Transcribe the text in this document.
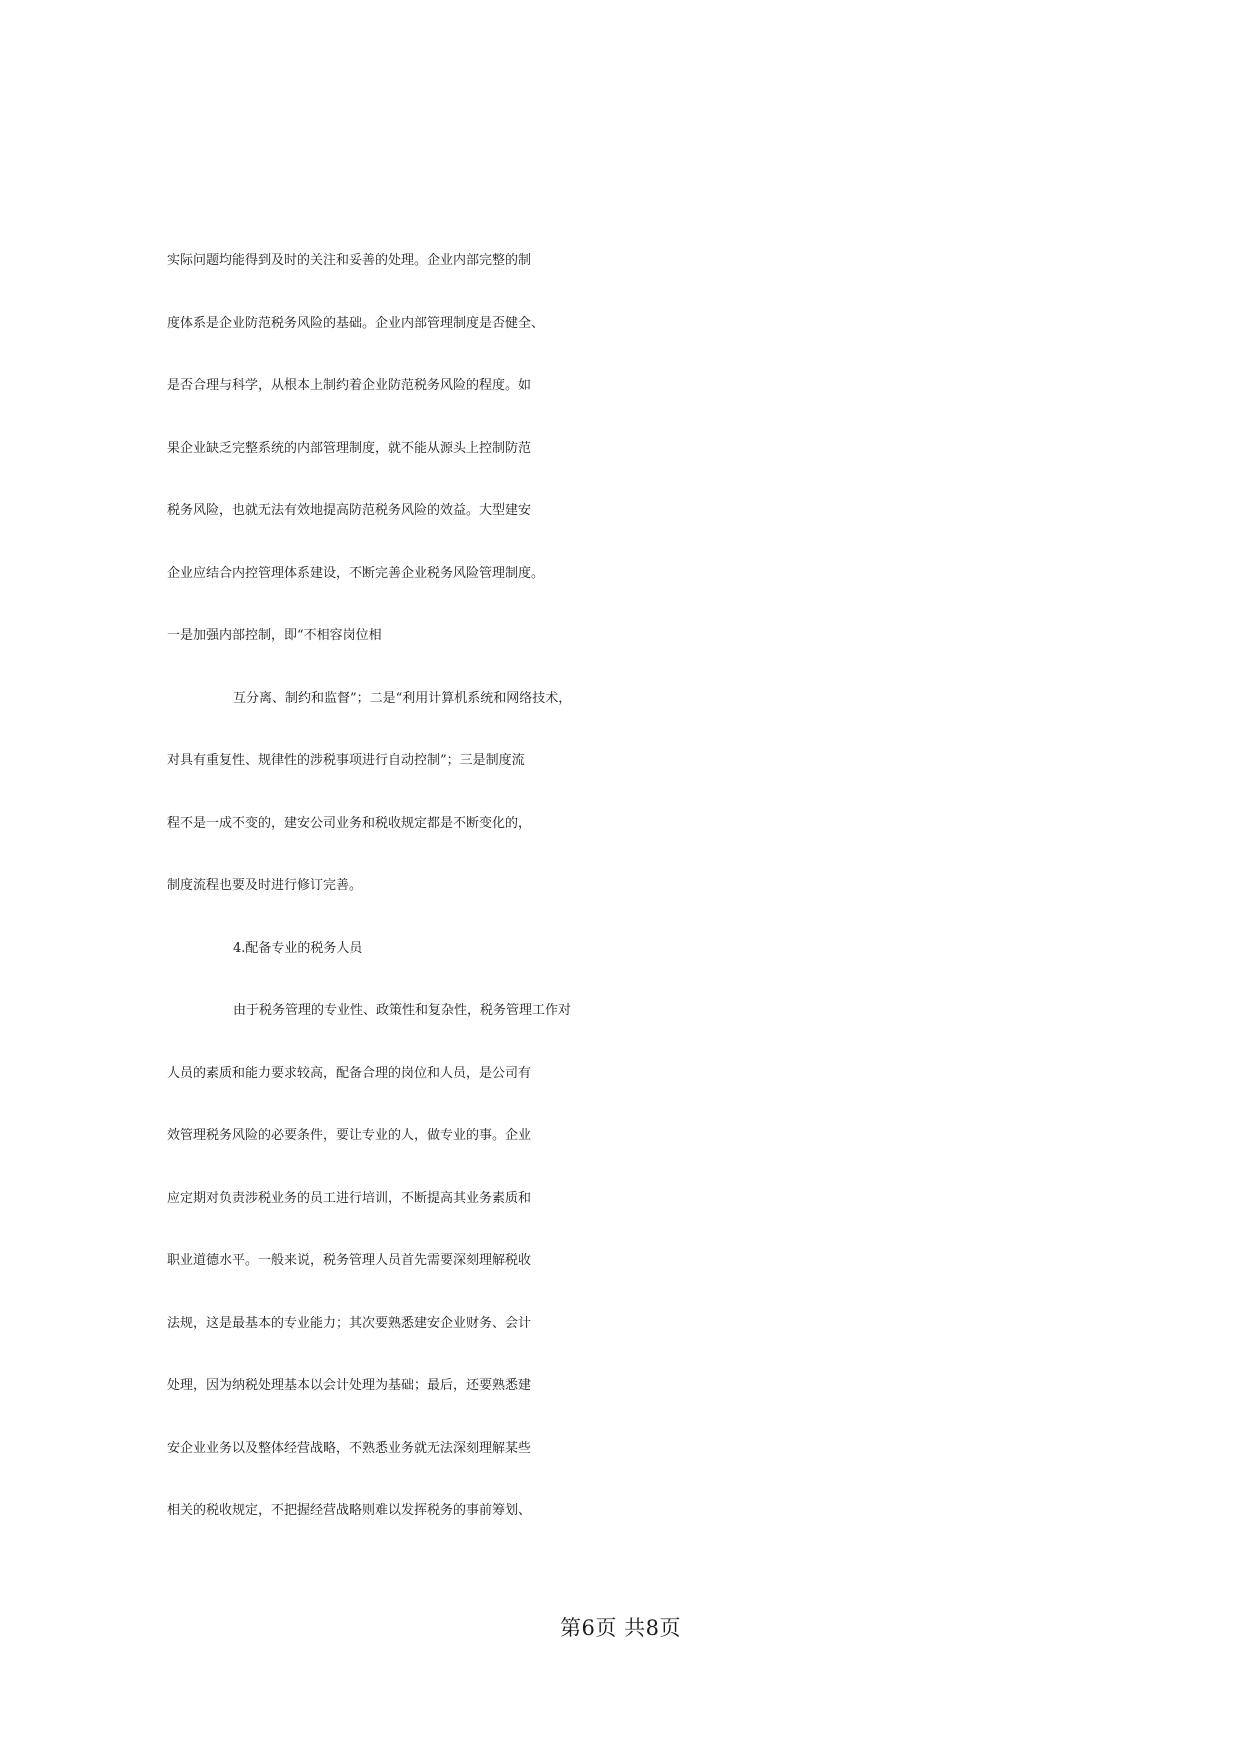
实际问题均能得到及时的关注和妥善的处理。企业内部完整的制
度体系是企业防范税务风险的基础。企业内部管理制度是否健全、
是否合理与科学，从根本上制约着企业防范税务风险的程度。如
果企业缺乏完整系统的内部管理制度，就不能从源头上控制防范
税务风险，也就无法有效地提高防范税务风险的效益。大型建安
企业应结合内控管理体系建设，不断完善企业税务风险管理制度。
一是加强内部控制，即“不相容岗位相
互分离、制约和监督”；二是“利用计算机系统和网络技术，
对具有重复性、规律性的涉税事项进行自动控制”；三是制度流
程不是一成不变的，建安公司业务和税收规定都是不断变化的，
制度流程也要及时进行修订完善。
4.配备专业的税务人员
由于税务管理的专业性、政策性和复杂性，税务管理工作对
人员的素质和能力要求较高，配备合理的岗位和人员，是公司有
效管理税务风险的必要条件，要让专业的人，做专业的事。企业
应定期对负责涉税业务的员工进行培训，不断提高其业务素质和
职业道德水平。一般来说，税务管理人员首先需要深刻理解税收
法规，这是最基本的专业能力；其次要熟悉建安企业财务、会计
处理，因为纳税处理基本以会计处理为基础；最后，还要熟悉建
安企业业务以及整体经营战略，不熟悉业务就无法深刻理解某些
相关的税收规定，不把握经营战略则难以发挥税务的事前筹划、
第6页 共8页
